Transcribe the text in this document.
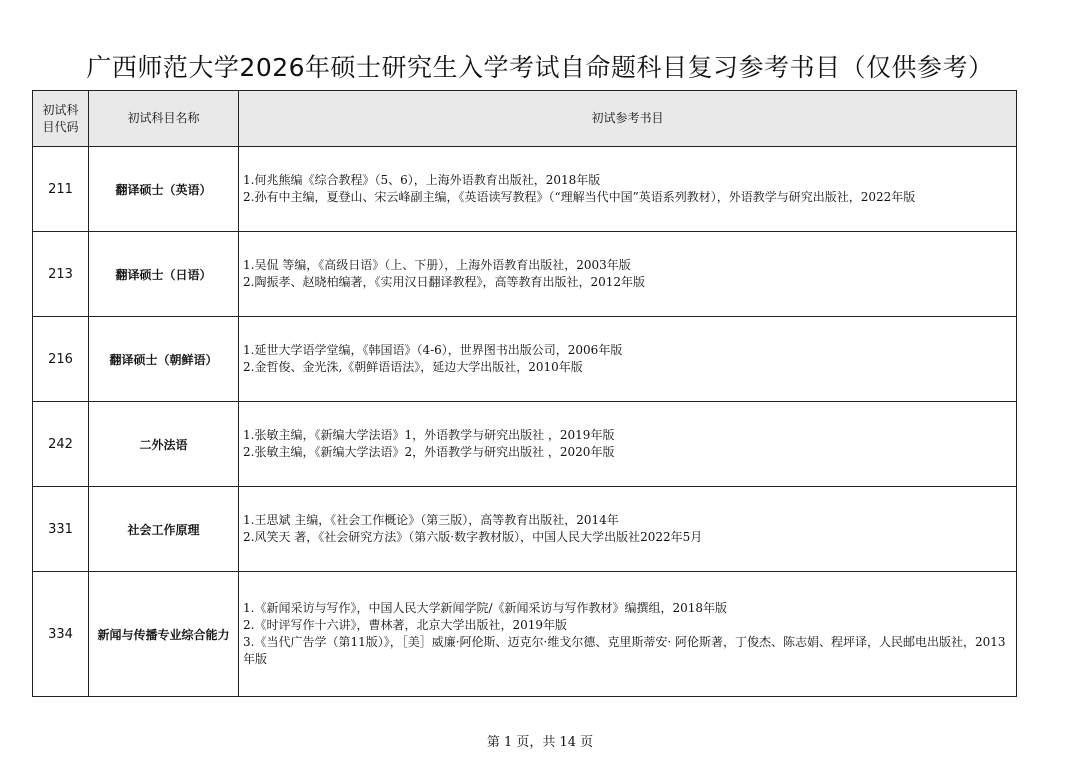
广西师范大学2026年硕士研究生入学考试自命题科目复习参考书目（仅供参考）
初试科
目代码	初试科目名称	初试参考书目
211	翻译硕士（英语）	1.何兆熊编《综合教程》（5、6），上海外语教育出版社，2018年版
2.孙有中主编，夏登山、宋云峰副主编，《英语读写教程》（“理解当代中国”英语系列教材），外语教学与研究出版社，2022年版

213	翻译硕士（日语）	1.吴侃 等编，《高级日语》（上、下册），上海外语教育出版社，2003年版
2.陶振孝、赵晓柏编著，《实用汉日翻译教程》，高等教育出版社，2012年版

216	翻译硕士（朝鲜语）	1.延世大学语学堂编，《韩国语》（4-6），世界图书出版公司，2006年版
2.金哲俊、金光洙,《朝鲜语语法》，延边大学出版社，2010年版

242	二外法语	1.张敏主编，《新编大学法语》1，外语教学与研究出版社 ，2019年版
2.张敏主编，《新编大学法语》2，外语教学与研究出版社 ，2020年版

331	社会工作原理	1.王思斌 主编，《社会工作概论》（第三版），高等教育出版社，2014年
2.风笑天 著，《社会研究方法》（第六版·数字教材版），中国人民大学出版社2022年5月

334	新闻与传播专业综合能力	1.《新闻采访与写作》，中国人民大学新闻学院/《新闻采访与写作教材》编撰组，2018年版
2.《时评写作十六讲》，曹林著，北京大学出版社，2019年版
3.《当代广告学（第11版）》，［美］威廉·阿伦斯、迈克尔·维戈尔德、克里斯蒂安· 阿伦斯著，丁俊杰、陈志娟、程坪译，人民邮电出版社，2013年版
第 1 页，共 14 页
